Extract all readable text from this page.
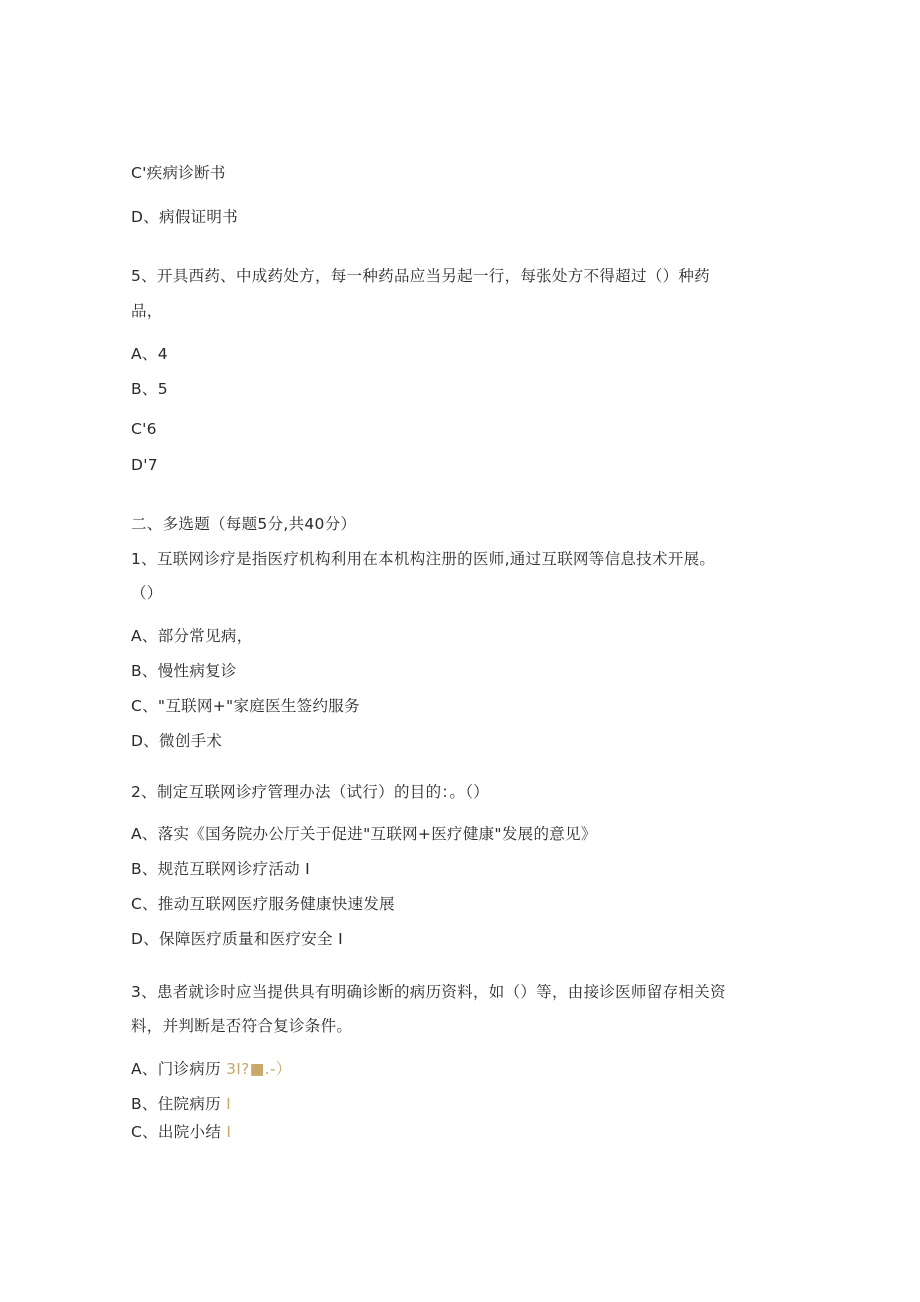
C'疾病诊断书
D、病假证明书
5、开具西药、中成药处方，每一种药品应当另起一行，每张处方不得超过（）种药
品，
A、4
B、5
C'6
D'7
二、多选题（每题5分,共40分）
1、互联网诊疗是指医疗机构利用在本机构注册的医师,通过互联网等信息技术开展。
（）
A、部分常见病，
B、慢性病复诊
C、"互联网+"家庭医生签约服务
D、微创手术
2、制定互联网诊疗管理办法（试行）的目的：。（）
A、落实《国务院办公厅关于促进"互联网+医疗健康"发展的意见》
B、规范互联网诊疗活动 I
C、推动互联网医疗服务健康快速发展
D、保障医疗质量和医疗安全 I
3、患者就诊时应当提供具有明确诊断的病历资料，如（）等，由接诊医师留存相关资
料，并判断是否符合复诊条件。
A、门诊病历 3I?■.-）
B、住院病历 I
C、出院小结 I
